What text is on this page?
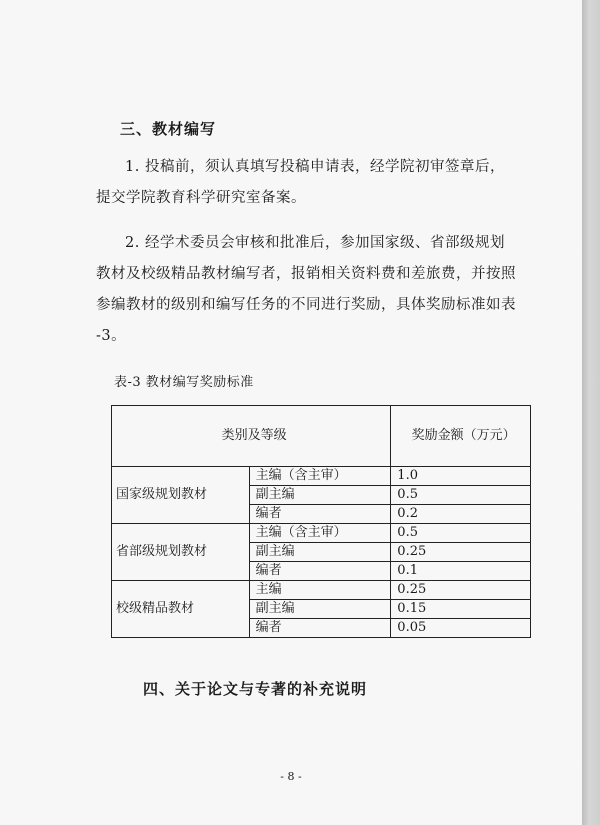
三、教材编写
1. 投稿前，须认真填写投稿申请表，经学院初审签章后，
提交学院教育科学研究室备案。
2. 经学术委员会审核和批准后，参加国家级、省部级规划
教材及校级精品教材编写者，报销相关资料费和差旅费，并按照
参编教材的级别和编写任务的不同进行奖励，具体奖励标准如表
-3。
表-3 教材编写奖励标准
类别及等级		奖励金额（万元）
国家级规划教材	主编（含主审）	1.0
	副主编	0.5
	编者	0.2
省部级规划教材	主编（含主审）	0.5
	副主编	0.25
	编者	0.1
校级精品教材	主编	0.25
	副主编	0.15
	编者	0.05
四、关于论文与专著的补充说明
- 8 -
